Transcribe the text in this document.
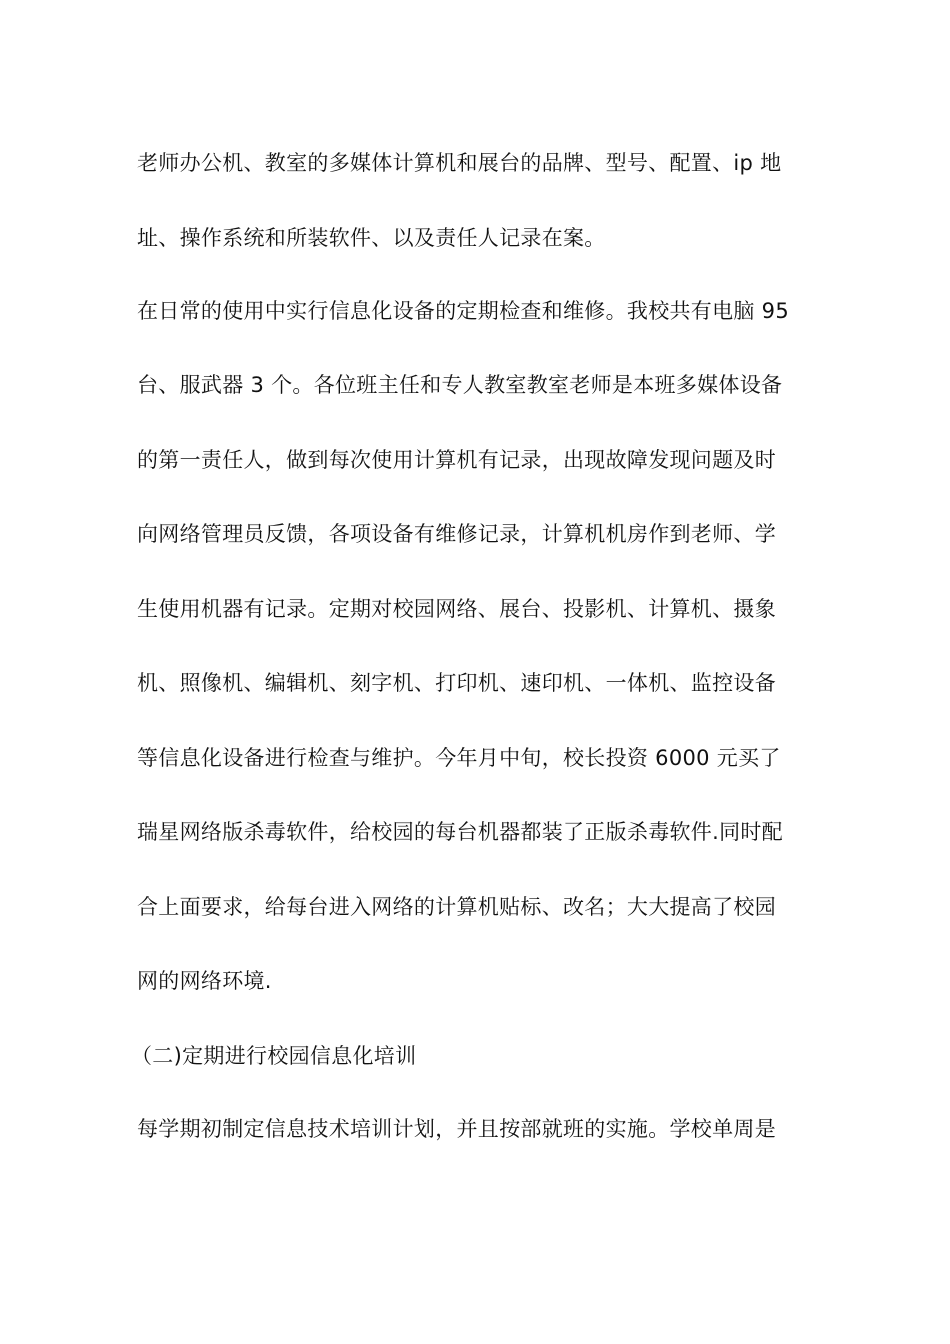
老师办公机、教室的多媒体计算机和展台的品牌、型号、配置、ip 地
址、操作系统和所装软件、以及责任人记录在案。
在日常的使用中实行信息化设备的定期检查和维修。我校共有电脑 95
台、服武器 3 个。各位班主任和专人教室教室老师是本班多媒体设备
的第一责任人，做到每次使用计算机有记录，出现故障发现问题及时
向网络管理员反馈，各项设备有维修记录，计算机机房作到老师、学
生使用机器有记录。定期对校园网络、展台、投影机、计算机、摄象
机、照像机、编辑机、刻字机、打印机、速印机、一体机、监控设备
等信息化设备进行检查与维护。今年月中旬，校长投资 6000 元买了
瑞星网络版杀毒软件，给校园的每台机器都装了正版杀毒软件.同时配
合上面要求，给每台进入网络的计算机贴标、改名；大大提高了校园
网的网络环境.
（二)定期进行校园信息化培训
每学期初制定信息技术培训计划，并且按部就班的实施。学校单周是
